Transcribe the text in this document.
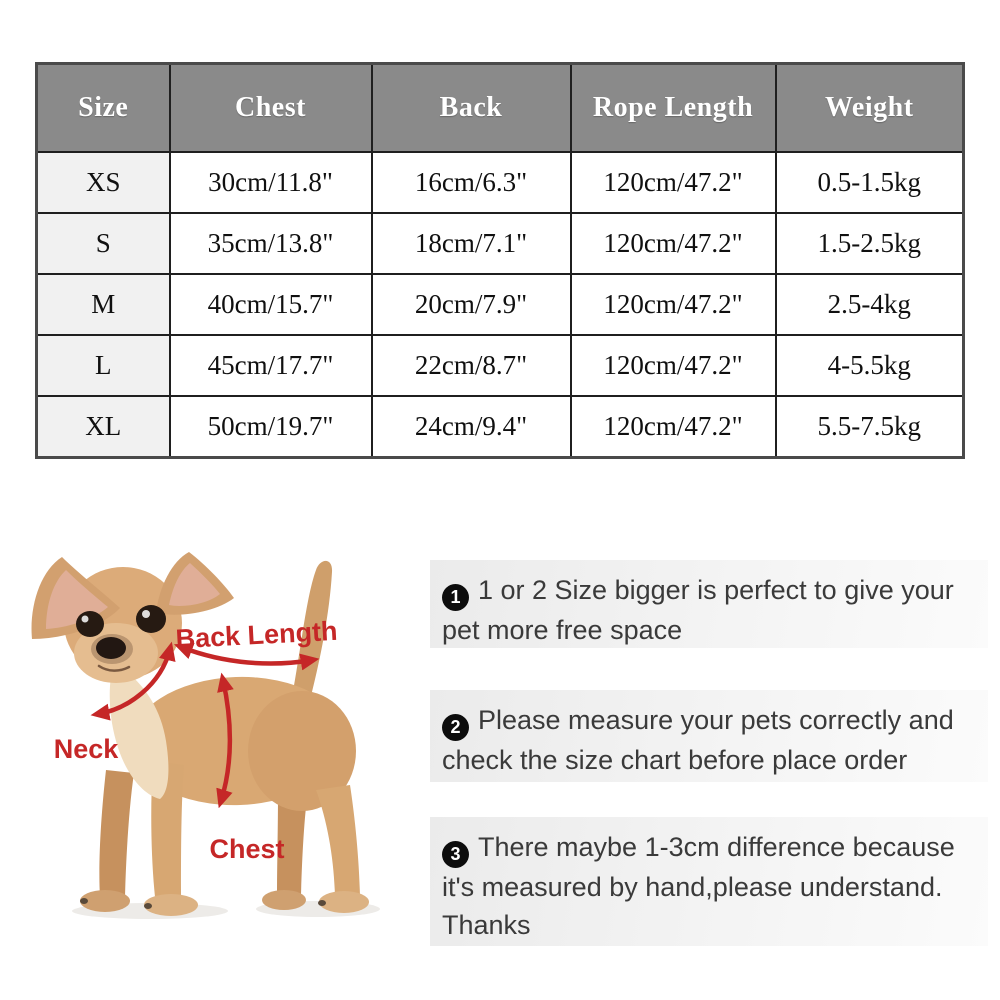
Size	Chest	Back	Rope Length	Weight
XS	30cm/11.8"	16cm/6.3"	120cm/47.2"	0.5-1.5kg
S	35cm/13.8"	18cm/7.1"	120cm/47.2"	1.5-2.5kg
M	40cm/15.7"	20cm/7.9"	120cm/47.2"	2.5-4kg
L	45cm/17.7"	22cm/8.7"	120cm/47.2"	4-5.5kg
XL	50cm/19.7"	24cm/9.4"	120cm/47.2"	5.5-7.5kg
Back Length
Neck
Chest
1 1 or 2 Size bigger is perfect to give your
pet more free space
2 Please measure your pets correctly and
check the size chart before place order
3 There maybe 1-3cm difference because
it's measured by hand,please understand.
Thanks
